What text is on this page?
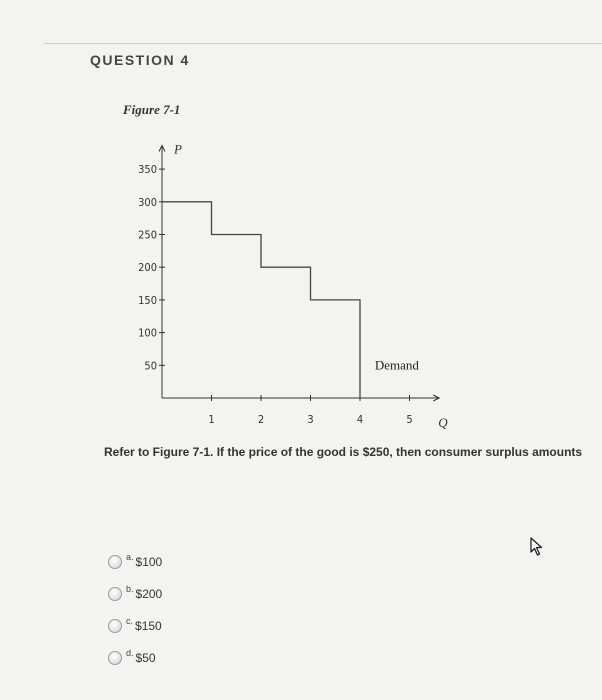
QUESTION 4
Figure 7-1
P
Q
50
100
150
200
250
300
350
1	2	3	4	5
Demand
Refer to Figure 7-1. If the price of the good is $250, then consumer surplus amounts
a. $100
b. $200
c. $150
d. $50
